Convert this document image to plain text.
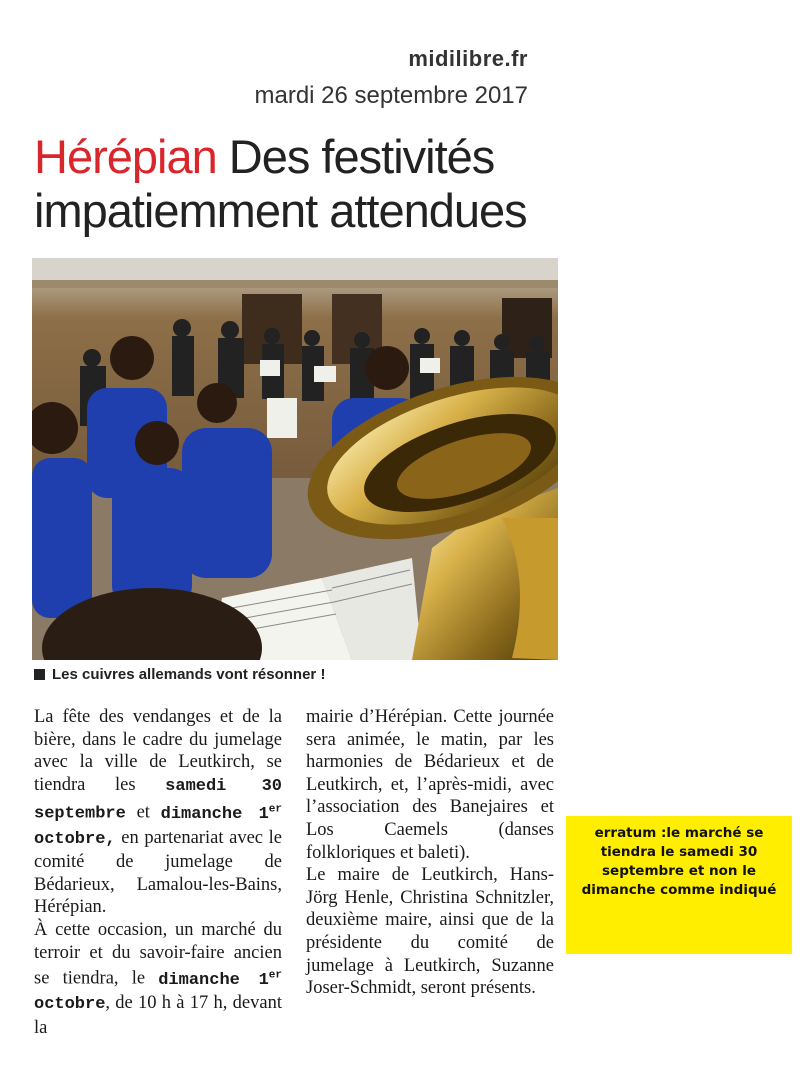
midilibre.fr
mardi 26 septembre 2017
Hérépian Des festivités
impatiemment attendues
Les cuivres allemands vont résonner !

La fête des vendanges et de la bière, dans le cadre du jumelage avec la ville de Leutkirch, se tiendra les samedi 30 septembre et dimanche 1er octobre, en partenariat avec le comité de jumelage de Bédarieux, Lamalou-les-Bains, Hérépian.

À cette occasion, un marché du terroir et du savoir-faire ancien se tiendra, le dimanche 1er octobre, de 10 h à 17 h, devant la

mairie d’Hérépian. Cette journée sera animée, le matin, par les harmonies de Bédarieux et de Leutkirch, et, l’après-midi, avec l’association des Banejaires et Los Caemels (danses folkloriques et baleti).

Le maire de Leutkirch, Hans-Jörg Henle, Christina Schnitzler, deuxième maire, ainsi que de la présidente du comité de jumelage à Leutkirch, Suzanne Joser-Schmidt, seront présents.

erratum :le marché se tiendra le samedi 30 septembre et non le dimanche comme indiqué
